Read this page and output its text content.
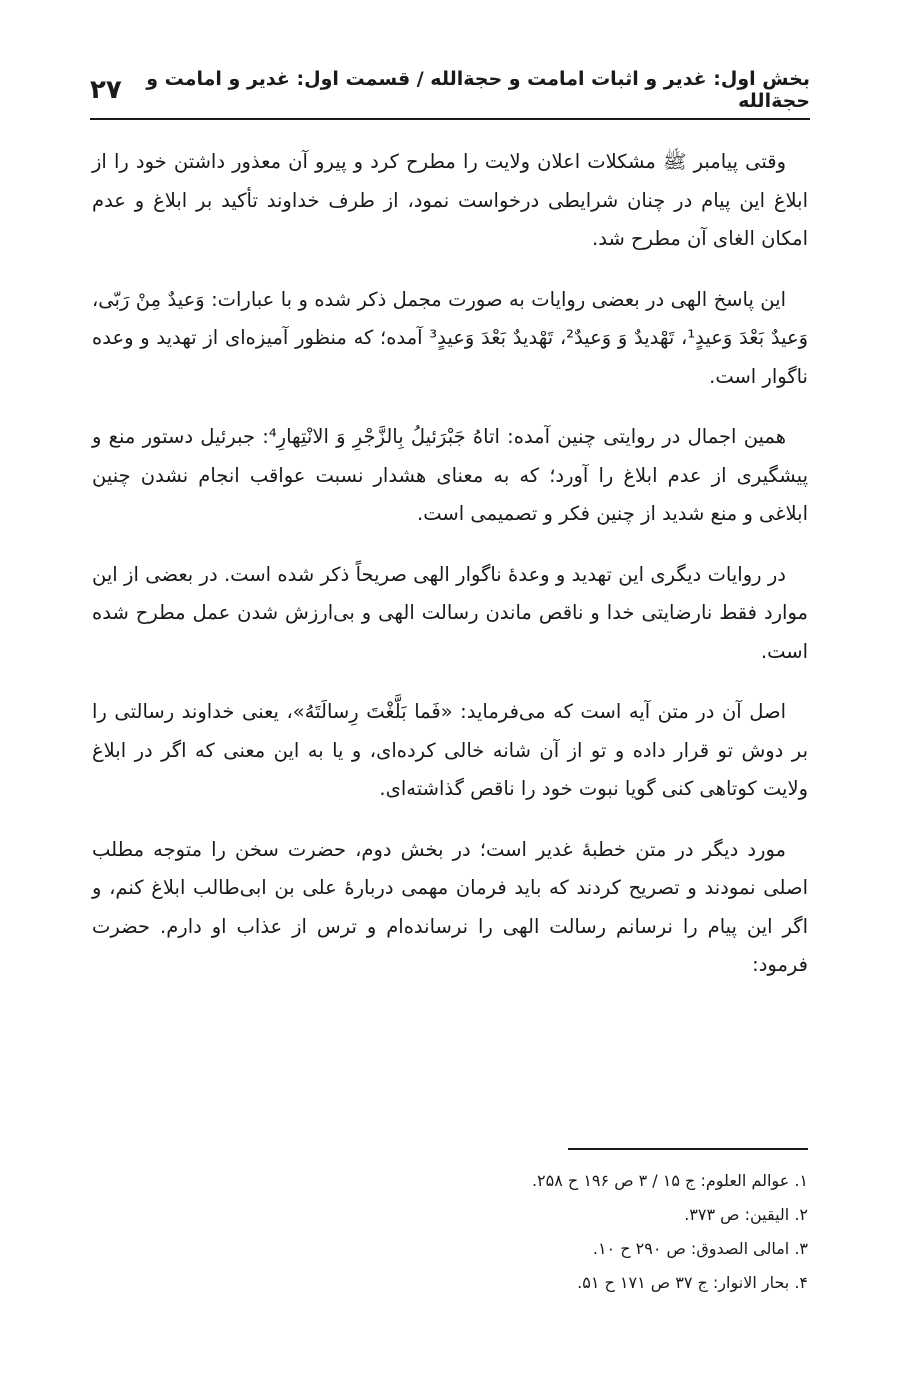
بخش اول: غدیر و اثبات امامت و حجةالله / قسمت اول: غدیر و امامت و حجةالله
۲۷

وقتی پیامبر ﷺ مشکلات اعلان ولایت را مطرح کرد و پیرو آن معذور داشتن خود را از ابلاغ این پیام در چنان شرایطی درخواست نمود، از طرف خداوند تأکید بر ابلاغ و عدم امکان الغای آن مطرح شد.

این پاسخ الهی در بعضی روایات به صورت مجمل ذکر شده و با عبارات: وَعیدٌ مِنْ رَبّی، وَعیدٌ بَعْدَ وَعیدٍ¹، تَهْدیدٌ وَ وَعیدٌ²، تَهْدیدٌ بَعْدَ وَعیدٍ³ آمده؛ که منظور آمیزه‌ای از تهدید و وعده ناگوار است.

همین اجمال در روایتی چنین آمده: اتاهُ جَبْرَئیلُ بِالزَّجْرِ وَ الانْتِهارِ⁴: جبرئیل دستور منع و پیشگیری از عدم ابلاغ را آورد؛ که به معنای هشدار نسبت عواقب انجام نشدن چنین ابلاغی و منع شدید از چنین فکر و تصمیمی است.

در روایات دیگری این تهدید و وعدهٔ ناگوار الهی صریحاً ذکر شده است. در بعضی از این موارد فقط نارضایتی خدا و ناقص ماندن رسالت الهی و بی‌ارزش شدن عمل مطرح شده است.

اصل آن در متن آیه است که می‌فرماید: «فَما بَلَّغْتَ رِسالَتَهُ»، یعنی خداوند رسالتی را بر دوش تو قرار داده و تو از آن شانه خالی کرده‌ای، و یا به این معنی که اگر در ابلاغ ولایت کوتاهی کنی گویا نبوت خود را ناقص گذاشته‌ای.

مورد دیگر در متن خطبهٔ غدیر است؛ در بخش دوم، حضرت سخن را متوجه مطلب اصلی نمودند و تصریح کردند که باید فرمان مهمی دربارهٔ علی بن ابی‌طالب ابلاغ کنم، و اگر این پیام را نرسانم رسالت الهی را نرسانده‌ام و ترس از عذاب او دارم. حضرت فرمود:

۱. عوالم العلوم: ج ۱۵ / ۳ ص ۱۹۶ ح ۲۵۸.
۲. الیقین: ص ۳۷۳.
۳. امالی الصدوق: ص ۲۹۰ ح ۱۰.
۴. بحار الانوار: ج ۳۷ ص ۱۷۱ ح ۵۱.
